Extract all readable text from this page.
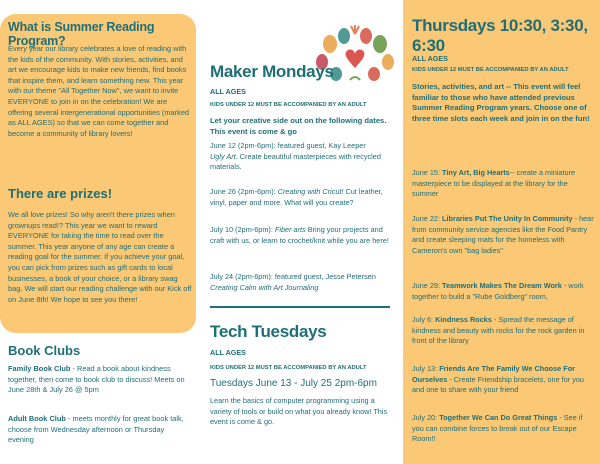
What is Summer Reading Program?
Every year our library celebrates a love of reading with the kids of the community. With stories, activities, and art we encourage kids to make new friends, find books that inspire them, and learn something new. This year with our theme "All Together Now", we want to invite EVERYONE to join in on the celebration! We are offering several intergenerational opportunities (marked as ALL AGES) so that we can come together and become a community of library lovers!
There are prizes!
We all love prizes! So why aren't there prizes when grownups read!? This year we want to reward EVERYONE for taking the time to read over the summer. This year anyone of any age can create a reading goal for the summer. If you achieve your goal, you can pick from prizes such as gift cards to local businesses, a book of your choice, or a library swag bag. We will start our reading challenge with our Kick off on June 8th! We hope to see you there!
Book Clubs
Family Book Club - Read a book about kindness together, then come to book club to discuss! Meets on June 28th & July 26 @ 5pm
Adult Book Club - meets monthly for great book talk, choose from Wednesday afternoon or Thursday evening
Maker Mondays
ALL AGES
KIDS UNDER 12 MUST BE ACCOMPANIED BY AN ADULT
Let your creative side out on the following dates. This event is come & go
June 12 (2pm-6pm): featured guest, Kay Leeper
Ugly Art. Create beautiful masterpieces with recycled materials.
June 26 (2pm-6pm): Creating with Cricut! Cut leather, vinyl, paper and more. What will you create?
July 10 (2pm-6pm): Fiber arts Bring your projects and craft with us, or learn to crochet/knit while you are here!
July 24 (2pm-6pm): featured guest, Jesse Petersen
Creating Calm with Art Journaling
Tech Tuesdays
ALL AGES
KIDS UNDER 12 MUST BE ACCOMPANIED BY AN ADULT
Tuesdays June 13 - July 25 2pm-6pm
Learn the basics of computer programming using a variety of tools or build on what you already know! This event is come & go.
Thursdays 10:30, 3:30, 6:30
ALL AGES
KIDS UNDER 12 MUST BE ACCOMPANIED BY AN ADULT
Stories, activities, and art -- This event will feel familiar to those who have attended previous Summer Reading Program years. Choose one of three time slots each week and join in on the fun!
June 15: Tiny Art, Big Hearts-- create a miniature masterpiece to be displayed at the library for the summer
June 22: Libraries Put The Unity In Community - hear from community service agencies like the Food Pantry and create sleeping mats for the homeless with Cameron's own "bag ladies"
June 29: Teamwork Makes The Dream Work - work together to build a "Rube Goldberg" room,
July 6: Kindness Rocks - Spread the message of kindness and beauty with rocks for the rock garden in front of the library
July 13: Friends Are The Family We Choose For Ourselves - Create Friendship bracelets, one for you and one to share with your friend
July 20: Together We Can Do Great Things - See if you can combine forces to break out of our Escape Room!!
